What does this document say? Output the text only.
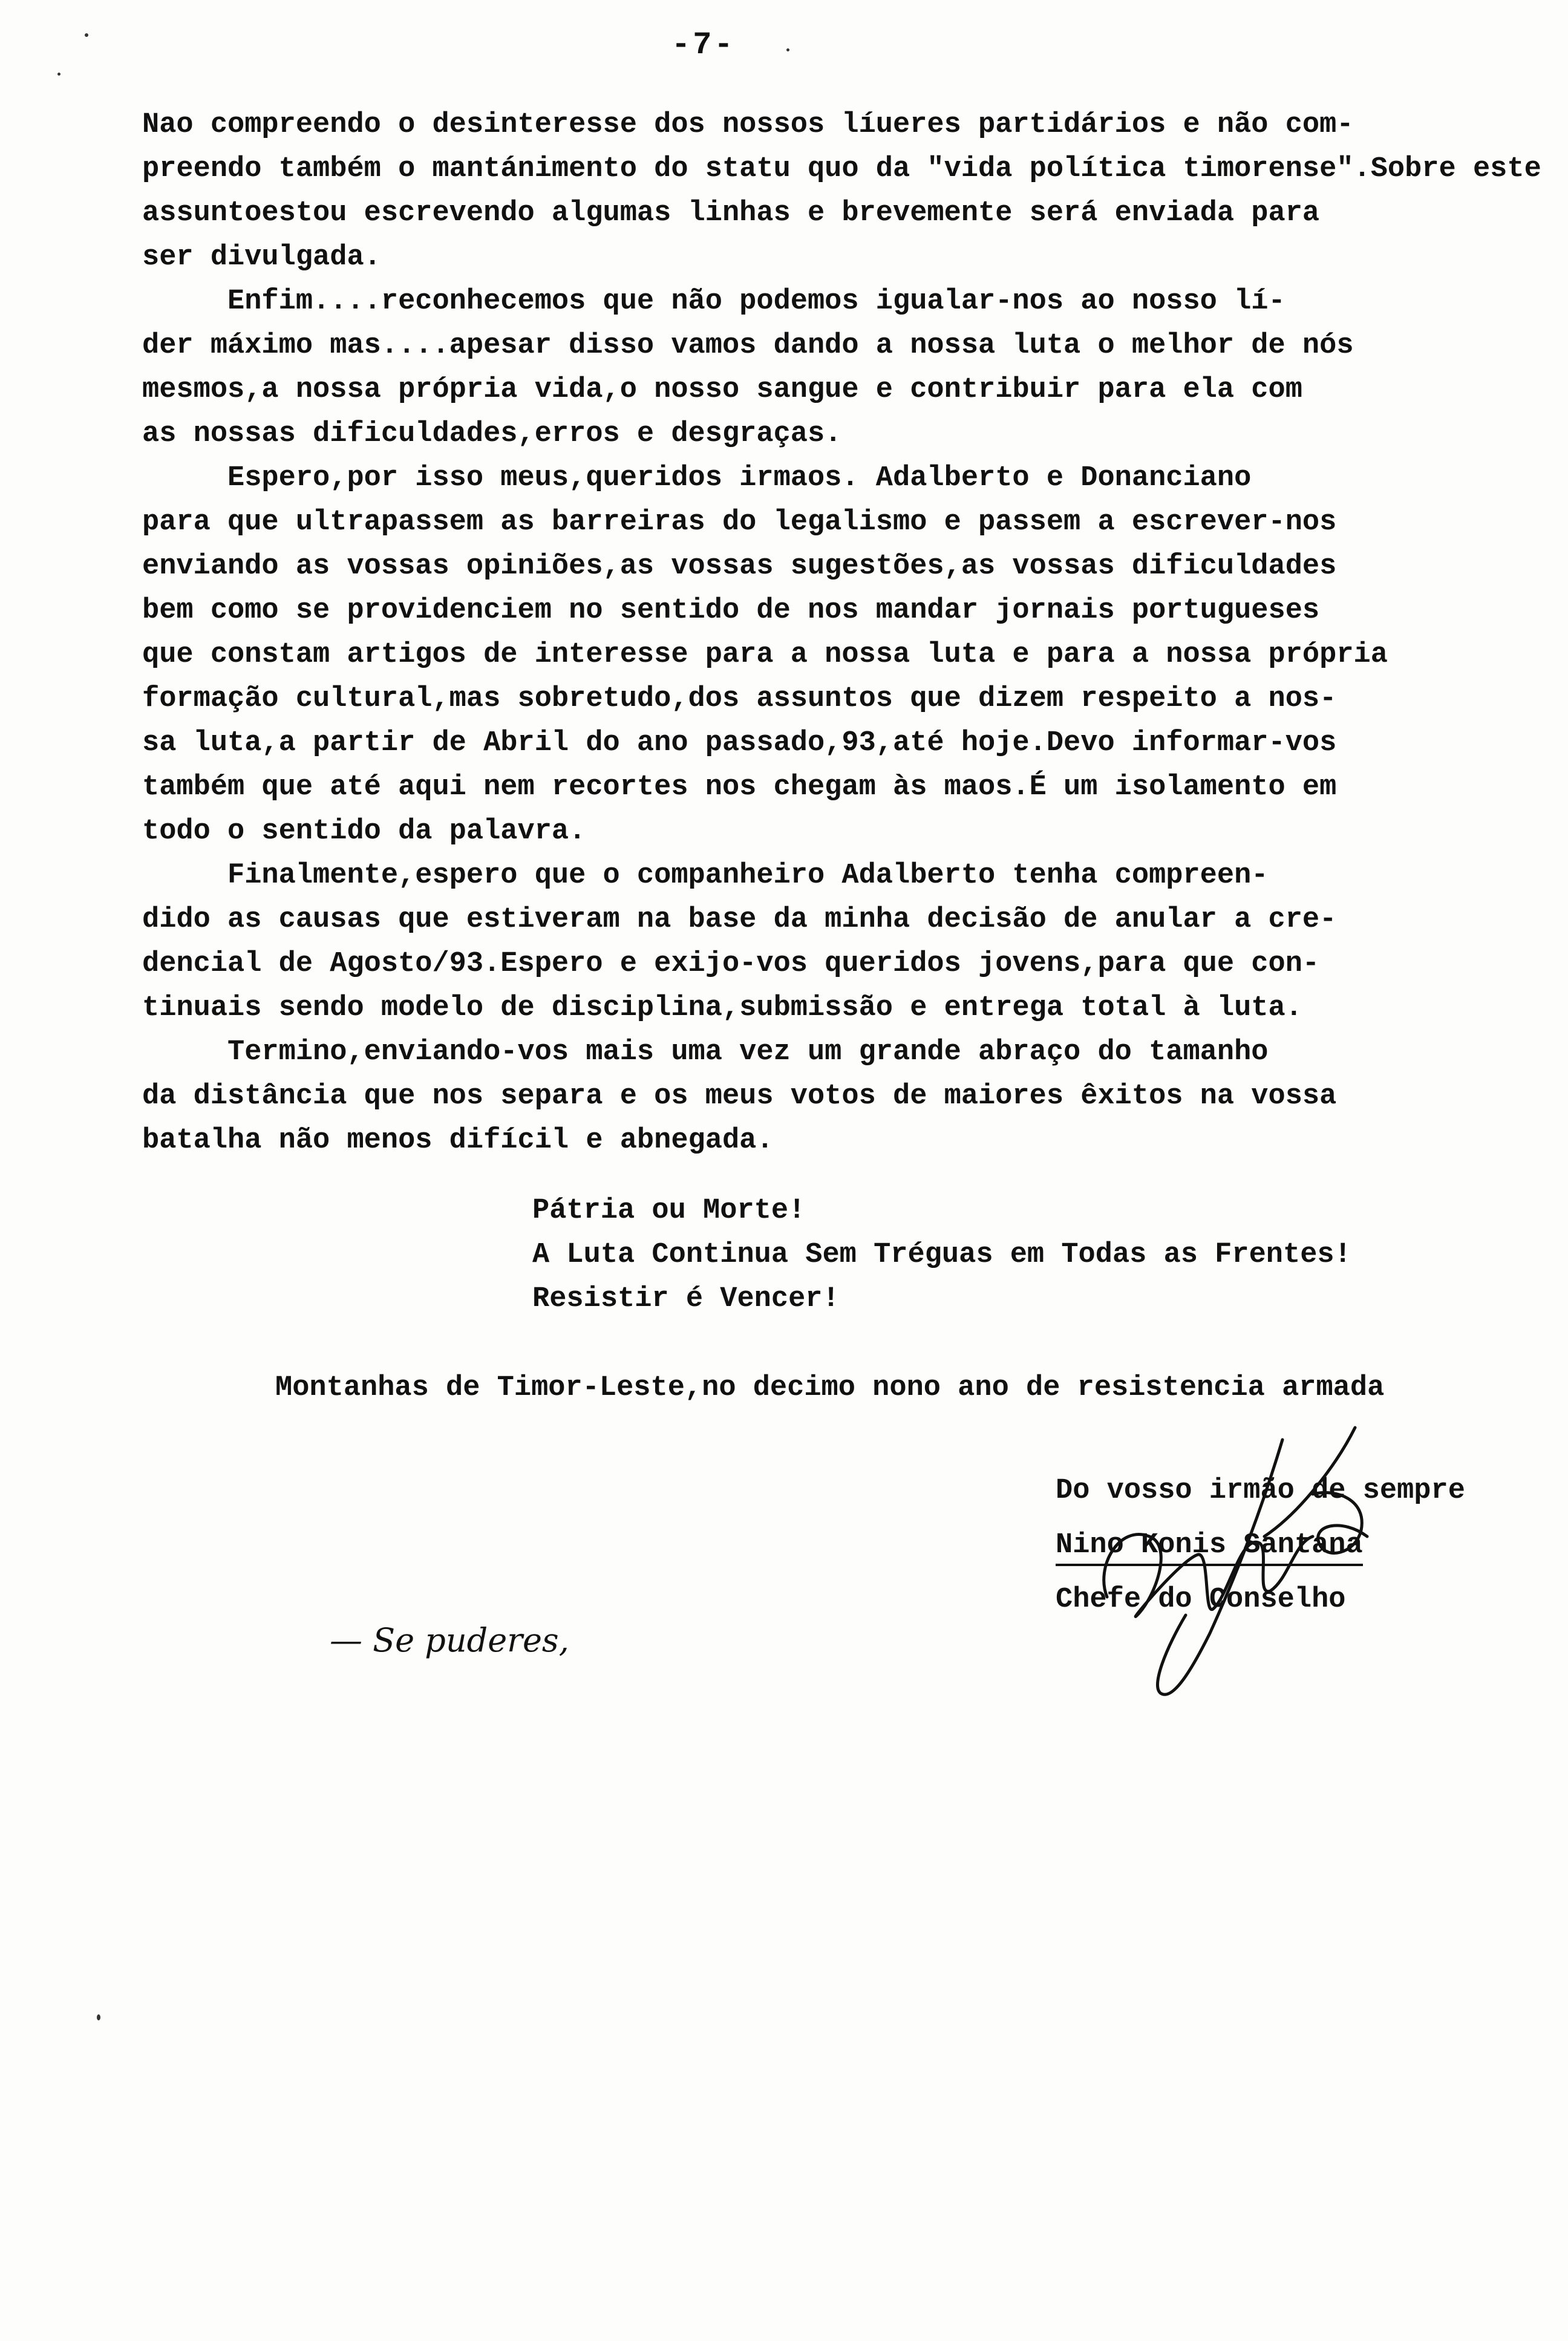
-7-
Nao compreendo o desinteresse dos nossos líueres partidários e não com-
preendo também o mantánimento do statu quo da "vida política timorense".Sobre este
assuntoestou escrevendo algumas linhas e brevemente será enviada para
ser divulgada.
Enfim....reconhecemos que não podemos igualar-nos ao nosso lí-
der máximo mas....apesar disso vamos dando a nossa luta o melhor de nós
mesmos,a nossa própria vida,o nosso sangue e contribuir para ela com
as nossas dificuldades,erros e desgraças.
Espero,por isso meus,queridos irmaos. Adalberto e Donanciano
para que ultrapassem as barreiras do legalismo e passem a escrever-nos
enviando as vossas opiniões,as vossas sugestões,as vossas dificuldades
bem como se providenciem no sentido de nos mandar jornais portugueses
que constam artigos de interesse para a nossa luta e para a nossa própria
formação cultural,mas sobretudo,dos assuntos que dizem respeito a nos-
sa luta,a partir de Abril do ano passado,93,até hoje.Devo informar-vos
também que até aqui nem recortes nos chegam às maos.É um isolamento em
todo o sentido da palavra.
Finalmente,espero que o companheiro Adalberto tenha compreen-
dido as causas que estiveram na base da minha decisão de anular a cre-
dencial de Agosto/93.Espero e exijo-vos queridos jovens,para que con-
tinuais sendo modelo de disciplina,submissão e entrega total à luta.
Termino,enviando-vos mais uma vez um grande abraço do tamanho
da distância que nos separa e os meus votos de maiores êxitos na vossa
batalha não menos difícil e abnegada.
Pátria ou Morte!
A Luta Continua Sem Tréguas em Todas as Frentes!
Resistir é Vencer!
Montanhas de Timor-Leste,no decimo nono ano de resistencia armada
Do vosso irmão de sempre
Nino Konis Santana
Chefe do Conselho
— Se puderes,
